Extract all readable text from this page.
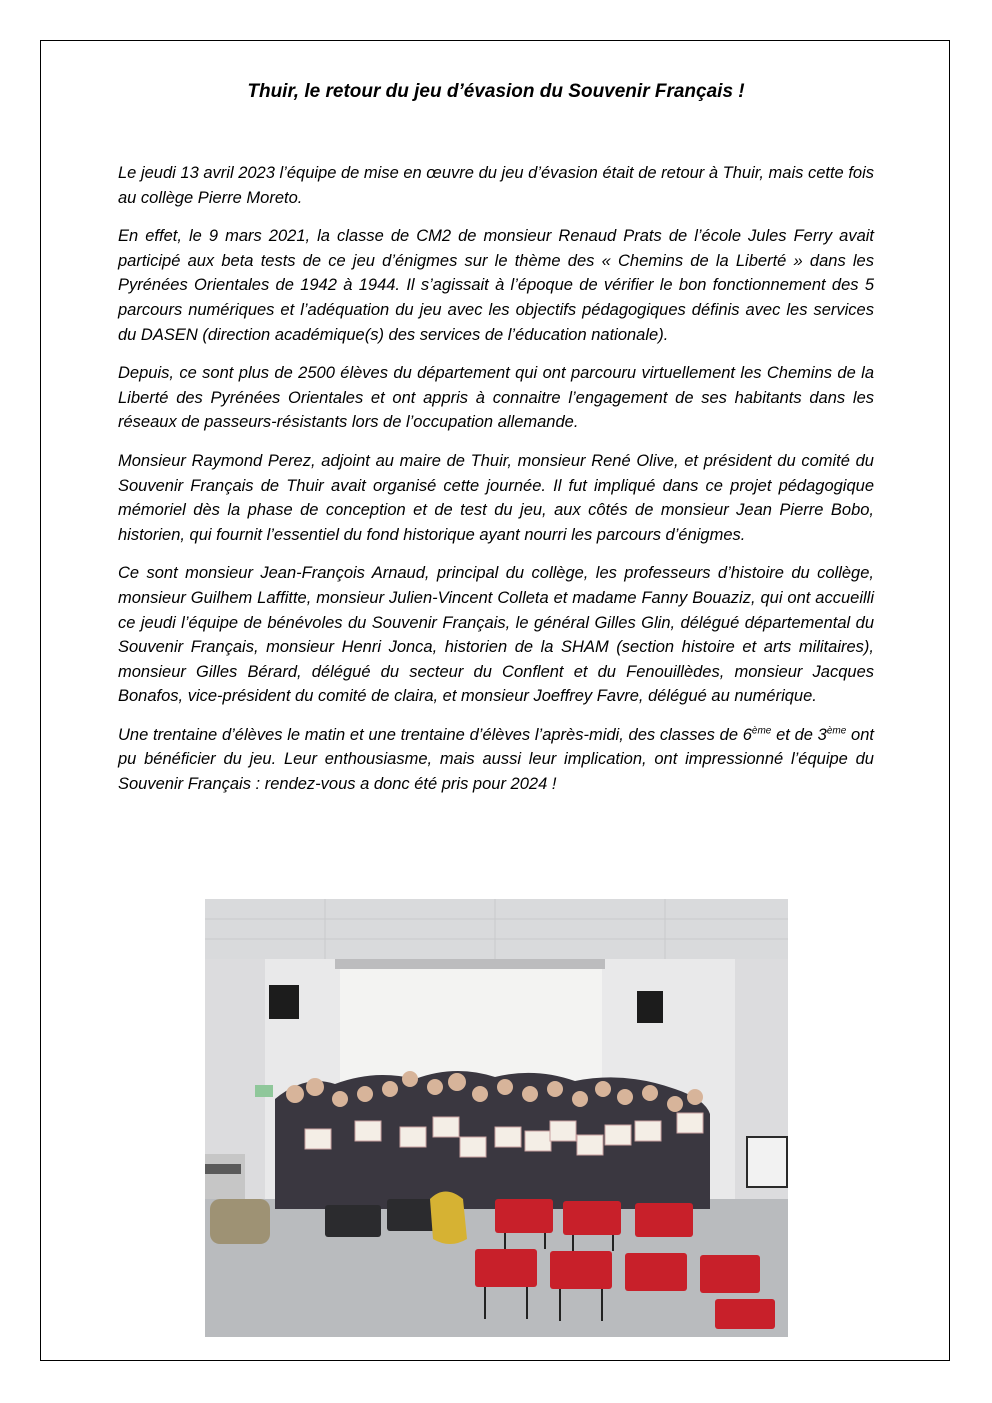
Thuir, le retour du jeu d’évasion du Souvenir Français !

Le jeudi 13 avril 2023 l’équipe de mise en œuvre du jeu d’évasion était de retour à Thuir, mais cette fois au collège Pierre Moreto.

En effet, le 9 mars 2021, la classe de CM2 de monsieur Renaud Prats de l’école Jules Ferry avait participé aux beta tests de ce jeu d’énigmes sur le thème des « Chemins de la Liberté » dans les Pyrénées Orientales de 1942 à 1944. Il s’agissait à l’époque de vérifier le bon fonctionnement des 5 parcours numériques et l’adéquation du jeu avec les objectifs pédagogiques définis avec les services du DASEN (direction académique(s) des services de l’éducation nationale).

Depuis, ce sont plus de 2500 élèves du département qui ont parcouru virtuellement les Chemins de la Liberté des Pyrénées Orientales et ont appris à connaitre l’engagement de ses habitants dans les réseaux de passeurs-résistants lors de l’occupation allemande.

Monsieur Raymond Perez, adjoint au maire de Thuir, monsieur René Olive, et président du comité du Souvenir Français de Thuir avait organisé cette journée. Il fut impliqué dans ce projet pédagogique mémoriel dès la phase de conception et de test du jeu, aux côtés de monsieur Jean Pierre Bobo, historien, qui fournit l’essentiel du fond historique ayant nourri les parcours d’énigmes.

Ce sont monsieur Jean-François Arnaud, principal du collège, les professeurs d’histoire du collège, monsieur Guilhem Laffitte, monsieur Julien-Vincent Colleta et madame Fanny Bouaziz, qui ont accueilli ce jeudi l’équipe de bénévoles du Souvenir Français, le général Gilles Glin, délégué départemental du Souvenir Français, monsieur Henri Jonca, historien de la SHAM (section histoire et arts militaires), monsieur Gilles Bérard, délégué du secteur du Conflent et du Fenouillèdes, monsieur Jacques Bonafos, vice-président du comité de claira, et monsieur Joeffrey Favre, délégué au numérique.

Une trentaine d’élèves le matin et une trentaine d’élèves l’après-midi, des classes de 6ème et de 3ème ont pu bénéficier du jeu. Leur enthousiasme, mais aussi leur implication, ont impressionné l’équipe du Souvenir Français : rendez-vous a donc été pris pour 2024 !
